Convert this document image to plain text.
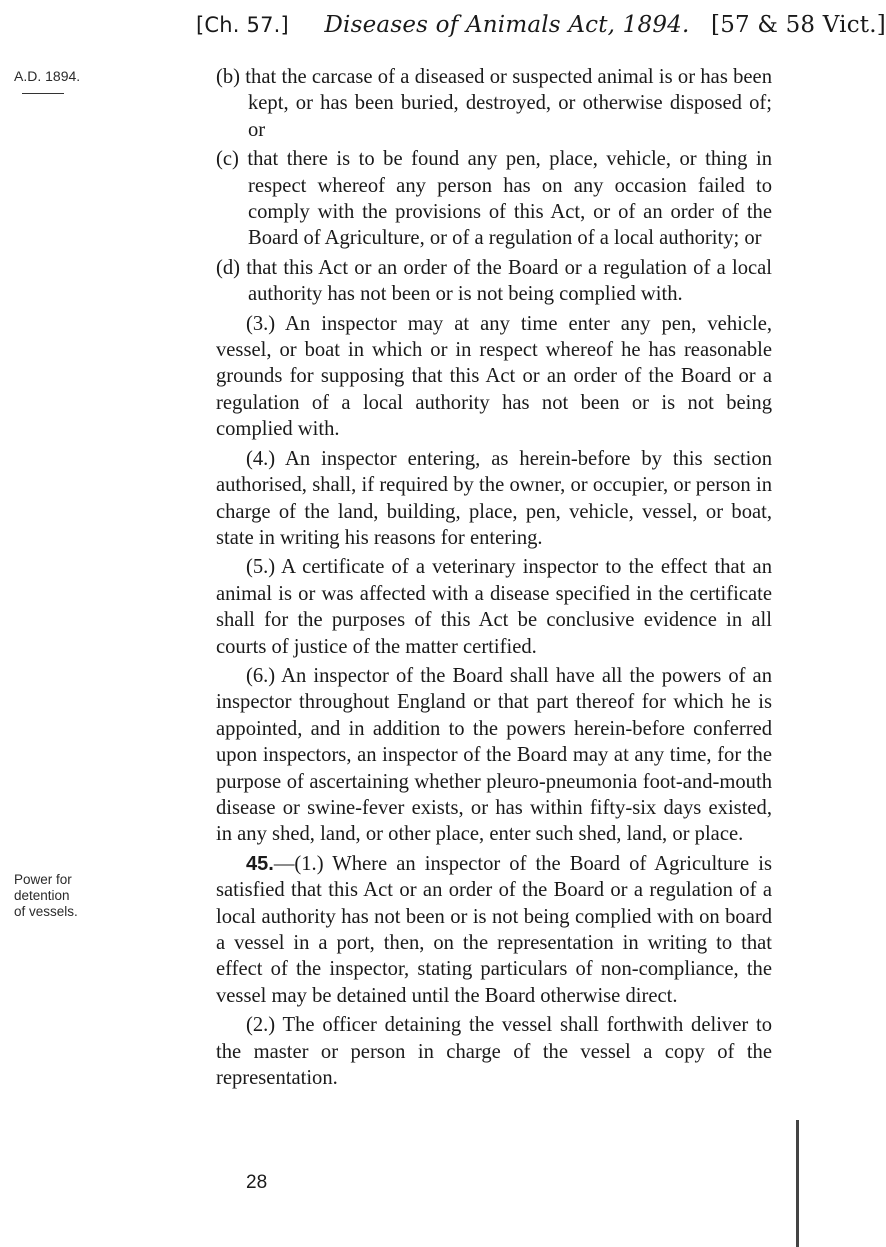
[Ch. 57.] Diseases of Animals Act, 1894. [57 & 58 Vict.]
A.D. 1894.
Power for detention of vessels.

(b) that the carcase of a diseased or suspected animal is or has been kept, or has been buried, destroyed, or otherwise disposed of; or

(c) that there is to be found any pen, place, vehicle, or thing in respect whereof any person has on any occasion failed to comply with the provisions of this Act, or of an order of the Board of Agriculture, or of a regulation of a local authority; or

(d) that this Act or an order of the Board or a regulation of a local authority has not been or is not being complied with.

(3.) An inspector may at any time enter any pen, vehicle, vessel, or boat in which or in respect whereof he has reasonable grounds for supposing that this Act or an order of the Board or a regulation of a local authority has not been or is not being complied with.

(4.) An inspector entering, as herein-before by this section authorised, shall, if required by the owner, or occupier, or person in charge of the land, building, place, pen, vehicle, vessel, or boat, state in writing his reasons for entering.

(5.) A certificate of a veterinary inspector to the effect that an animal is or was affected with a disease specified in the certificate shall for the purposes of this Act be conclusive evidence in all courts of justice of the matter certified.

(6.) An inspector of the Board shall have all the powers of an inspector throughout England or that part thereof for which he is appointed, and in addition to the powers herein-before conferred upon inspectors, an inspector of the Board may at any time, for the purpose of ascertaining whether pleuro-pneumonia foot-and-mouth disease or swine-fever exists, or has within fifty-six days existed, in any shed, land, or other place, enter such shed, land, or place.

45.—(1.) Where an inspector of the Board of Agriculture is satisfied that this Act or an order of the Board or a regulation of a local authority has not been or is not being complied with on board a vessel in a port, then, on the representation in writing to that effect of the inspector, stating particulars of non-compliance, the vessel may be detained until the Board otherwise direct.

(2.) The officer detaining the vessel shall forthwith deliver to the master or person in charge of the vessel a copy of the representation.

28
